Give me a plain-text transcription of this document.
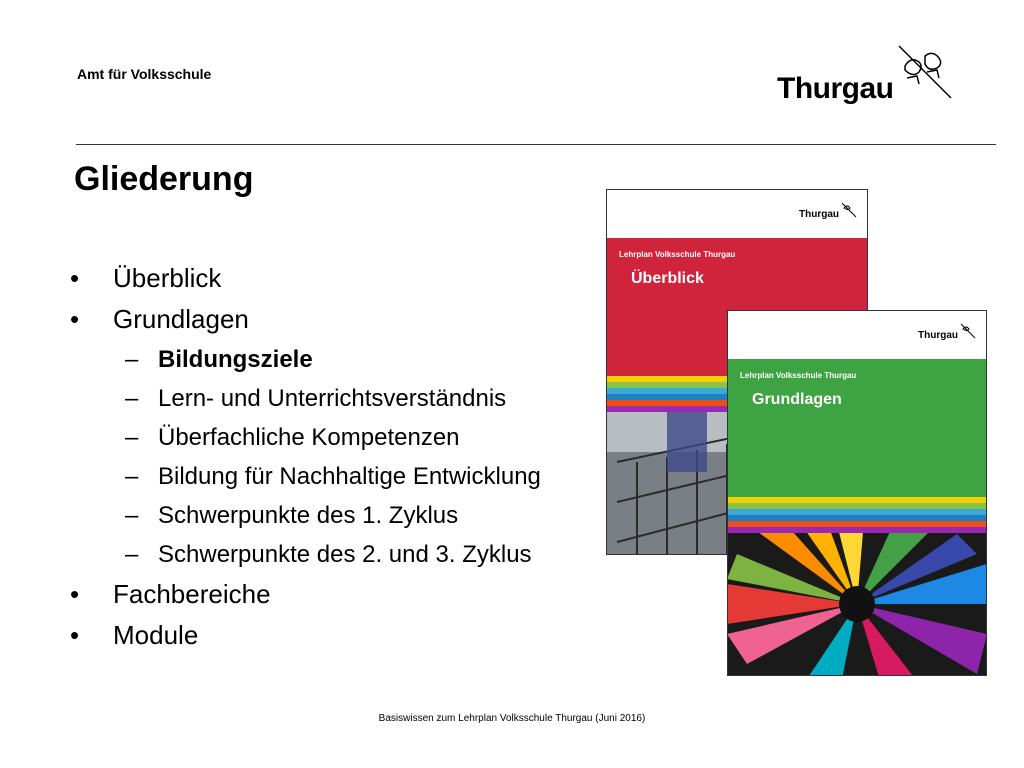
Amt für Volksschule	Thurgau
Gliederung
•	Überblick
•	Grundlagen
– Bildungsziele
– Lern- und Unterrichtsverständnis
– Überfachliche Kompetenzen
– Bildung für Nachhaltige Entwicklung
– Schwerpunkte des 1. Zyklus
– Schwerpunkte des 2. und 3. Zyklus
•	Fachbereiche
•	Module
Thurgau
Lehrplan Volksschule Thurgau
Überblick
Thurgau
Lehrplan Volksschule Thurgau
Grundlagen
Basiswissen zum Lehrplan Volksschule Thurgau (Juni 2016)
